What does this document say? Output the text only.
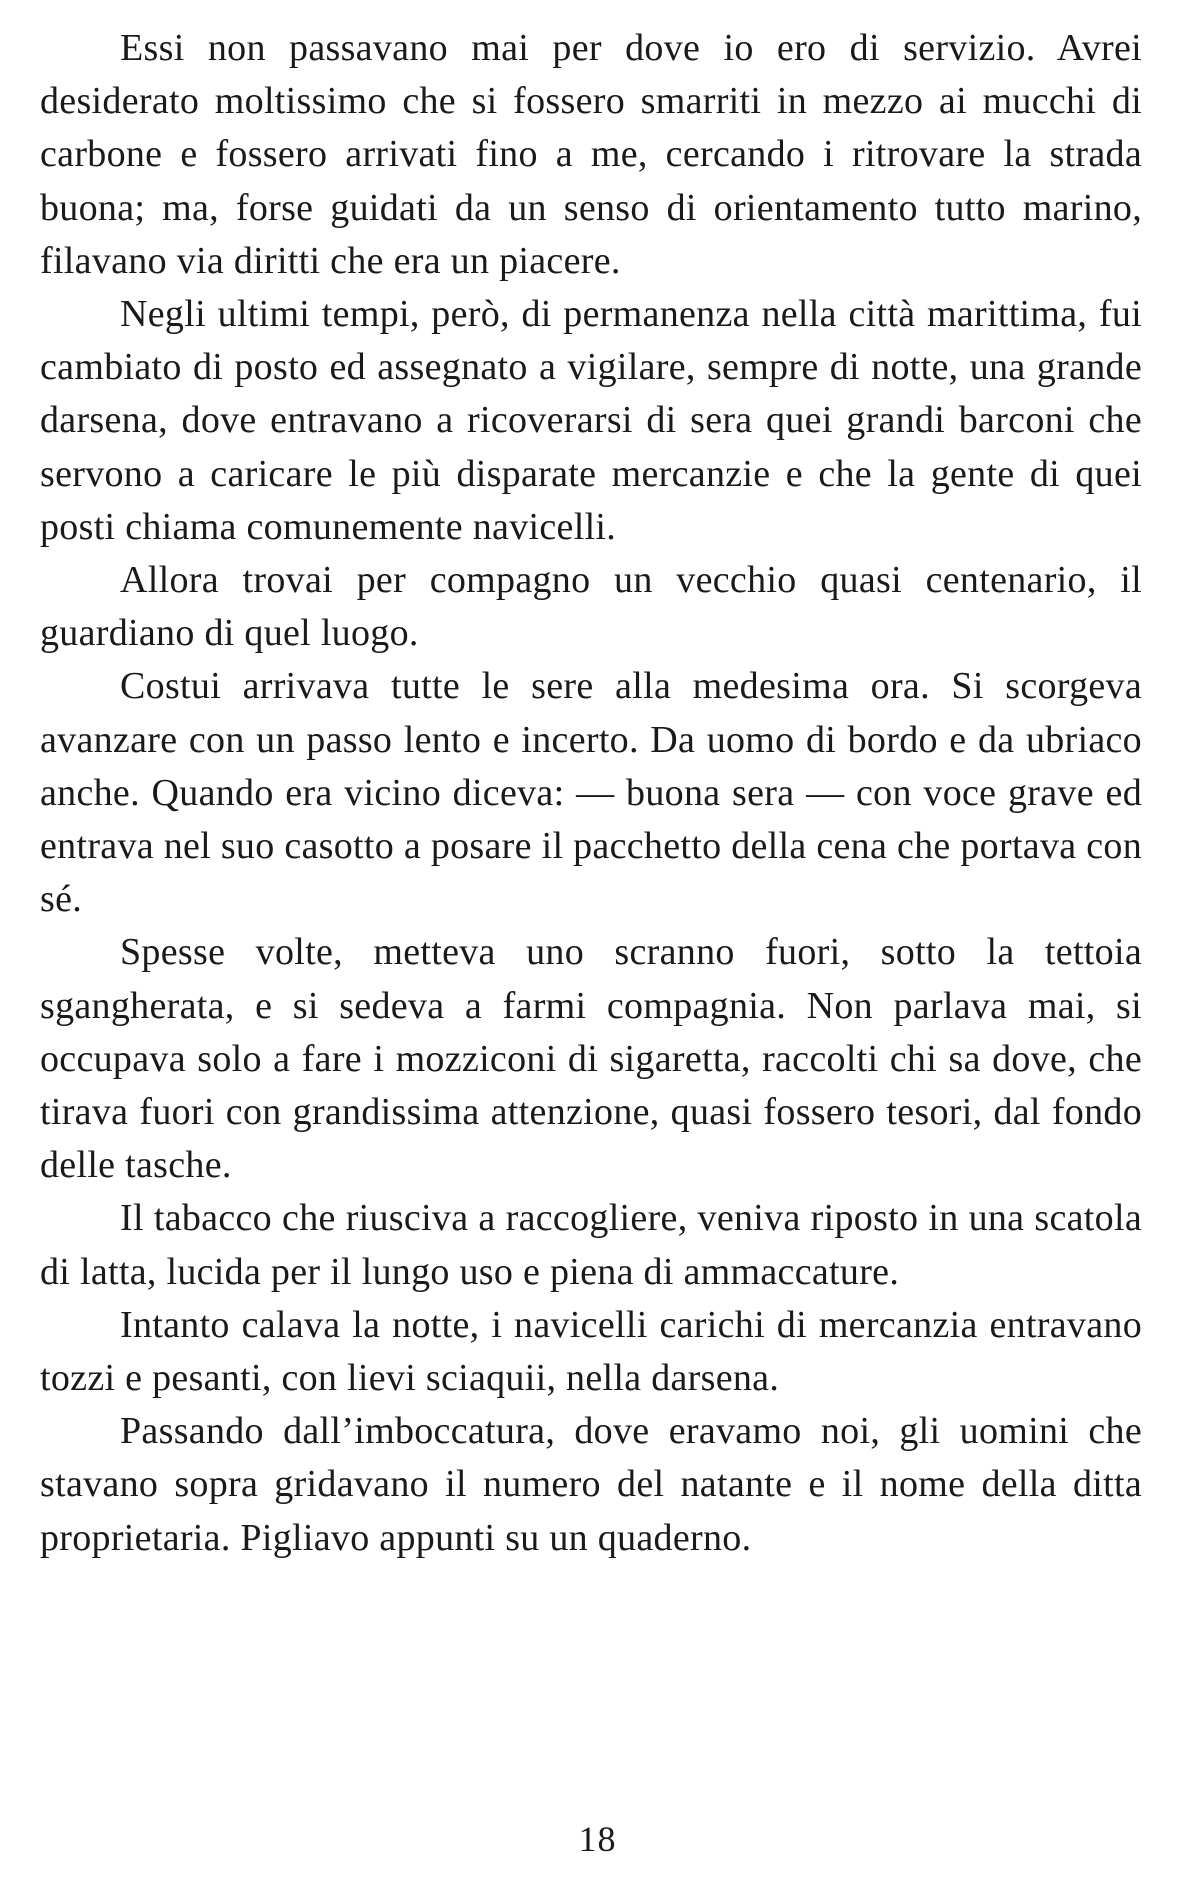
Essi non passavano mai per dove io ero di servizio. Avrei desiderato moltissimo che si fossero smarriti in mezzo ai mucchi di carbone e fossero arrivati fino a me, cercando i ritrovare la strada buona; ma, forse guidati da un senso di orientamento tutto marino, filavano via diritti che era un piacere.

Negli ultimi tempi, però, di permanenza nella città marittima, fui cambiato di posto ed assegnato a vigilare, sempre di notte, una grande darsena, dove entravano a ricoverarsi di sera quei grandi barconi che servono a caricare le più disparate mercanzie e che la gente di quei posti chiama comunemente navicelli.

Allora trovai per compagno un vecchio quasi centenario, il guardiano di quel luogo.

Costui arrivava tutte le sere alla medesima ora. Si scorgeva avanzare con un passo lento e incerto. Da uomo di bordo e da ubriaco anche. Quando era vicino diceva: — buona sera — con voce grave ed entrava nel suo casotto a posare il pacchetto della cena che portava con sé.

Spesse volte, metteva uno scranno fuori, sotto la tettoia sgangherata, e si sedeva a farmi compagnia. Non parlava mai, si occupava solo a fare i mozziconi di sigaretta, raccolti chi sa dove, che tirava fuori con grandissima attenzione, quasi fossero tesori, dal fondo delle tasche.

Il tabacco che riusciva a raccogliere, veniva riposto in una scatola di latta, lucida per il lungo uso e piena di ammaccature.

Intanto calava la notte, i navicelli carichi di mercanzia entravano tozzi e pesanti, con lievi sciaquii, nella darsena.

Passando dall’imboccatura, dove eravamo noi, gli uomini che stavano sopra gridavano il numero del natante e il nome della ditta proprietaria. Pigliavo appunti su un quaderno.

18
